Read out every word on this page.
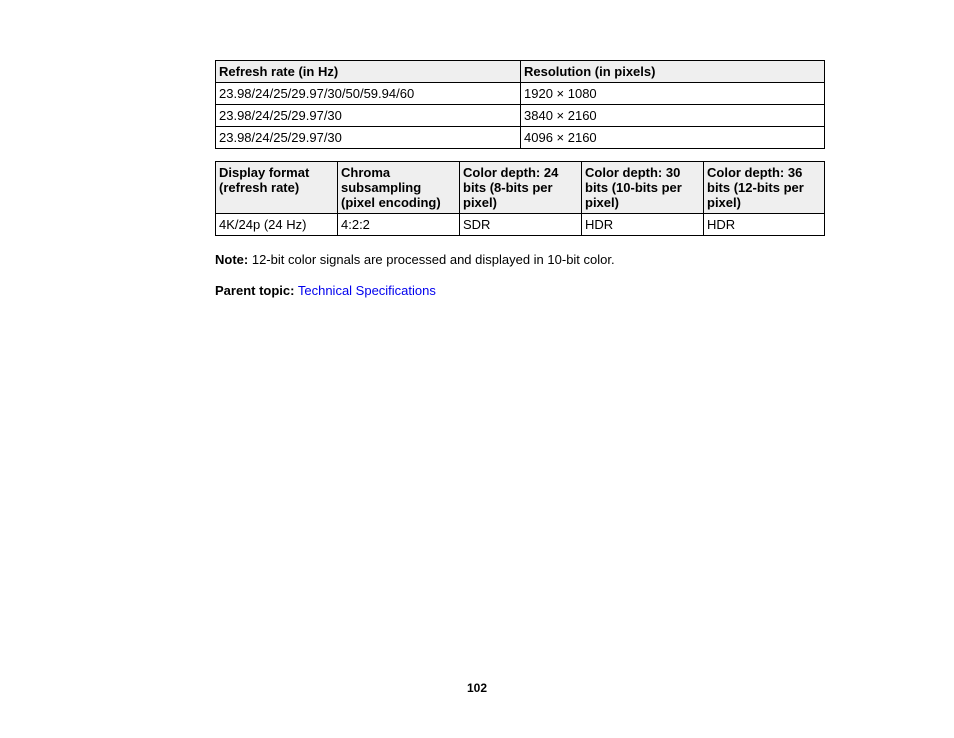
Refresh rate (in Hz)	Resolution (in pixels)
23.98/24/25/29.97/30/50/59.94/60	1920 × 1080
23.98/24/25/29.97/30	3840 × 2160
23.98/24/25/29.97/30	4096 × 2160
Display format (refresh rate)	Chroma subsampling (pixel encoding)	Color depth: 24 bits (8-bits per pixel)	Color depth: 30 bits (10-bits per pixel)	Color depth: 36 bits (12-bits per pixel)
4K/24p (24 Hz)	4:2:2	SDR	HDR	HDR
Note: 12-bit color signals are processed and displayed in 10-bit color.
Parent topic: Technical Specifications
102
